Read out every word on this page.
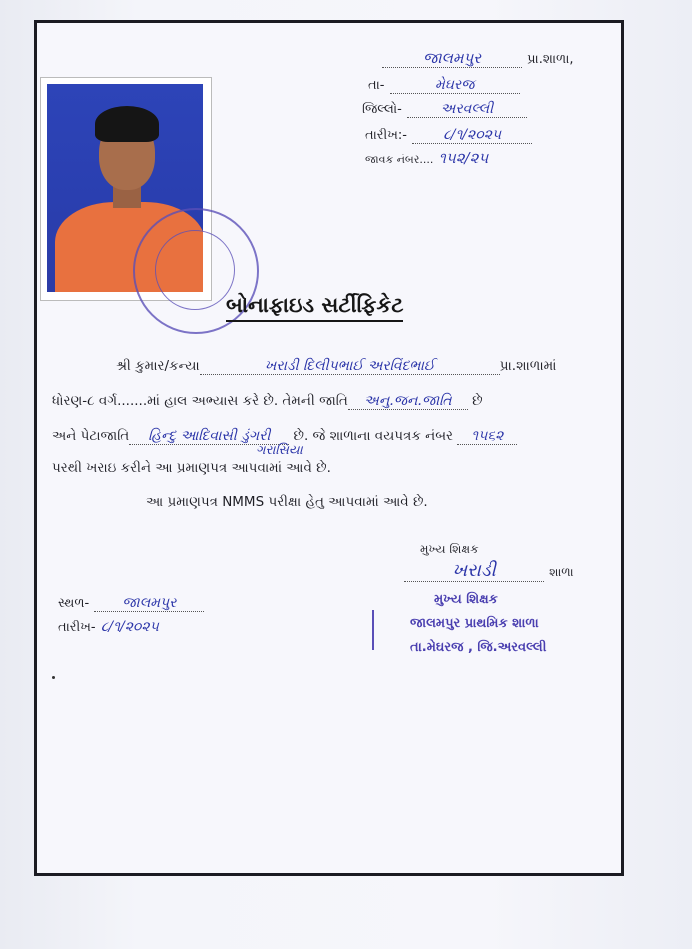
જાલમપુર	પ્રા.શાળા,
તા-	મેઘરજ
જિલ્લો-	અરવલ્લી
તારીખ:-	૮/૧/૨૦૨૫
જાવક નંબર.... ૧૫૨/૨૫
બોનાફાઇડ સર્ટીફિકેટ
શ્રી કુમાર/કન્યા	ખરાડી દિલીપભાઈ અરવિંદભાઈ	પ્રા.શાળામાં
ધોરણ-૮ વર્ગ.......માં હાલ અભ્યાસ કરે છે. તેમની જાતિ અનુ.જન.જાતિ છે
અને પેટાજાતિ હિન્દુ આદિવાસી ડુંગરી છે. જે શાળાના વયપત્રક નંબર ૧૫૬૨
ગરાસિયા
પરથી ખરાઇ કરીને આ પ્રમાણપત્ર આપવામાં આવે છે.
આ પ્રમાણપત્ર NMMS પરીક્ષા હેતુ આપવામાં આવે છે.
મુખ્ય શિક્ષક
ખરાડી	શાળા
સ્થળ- જાલમપુર
તારીખ- ૮/૧/૨૦૨૫
મુખ્ય શિક્ષક
જાલમપુર પ્રાથમિક શાળા
તા.મેઘરજ , જિ.અરવલ્લી
